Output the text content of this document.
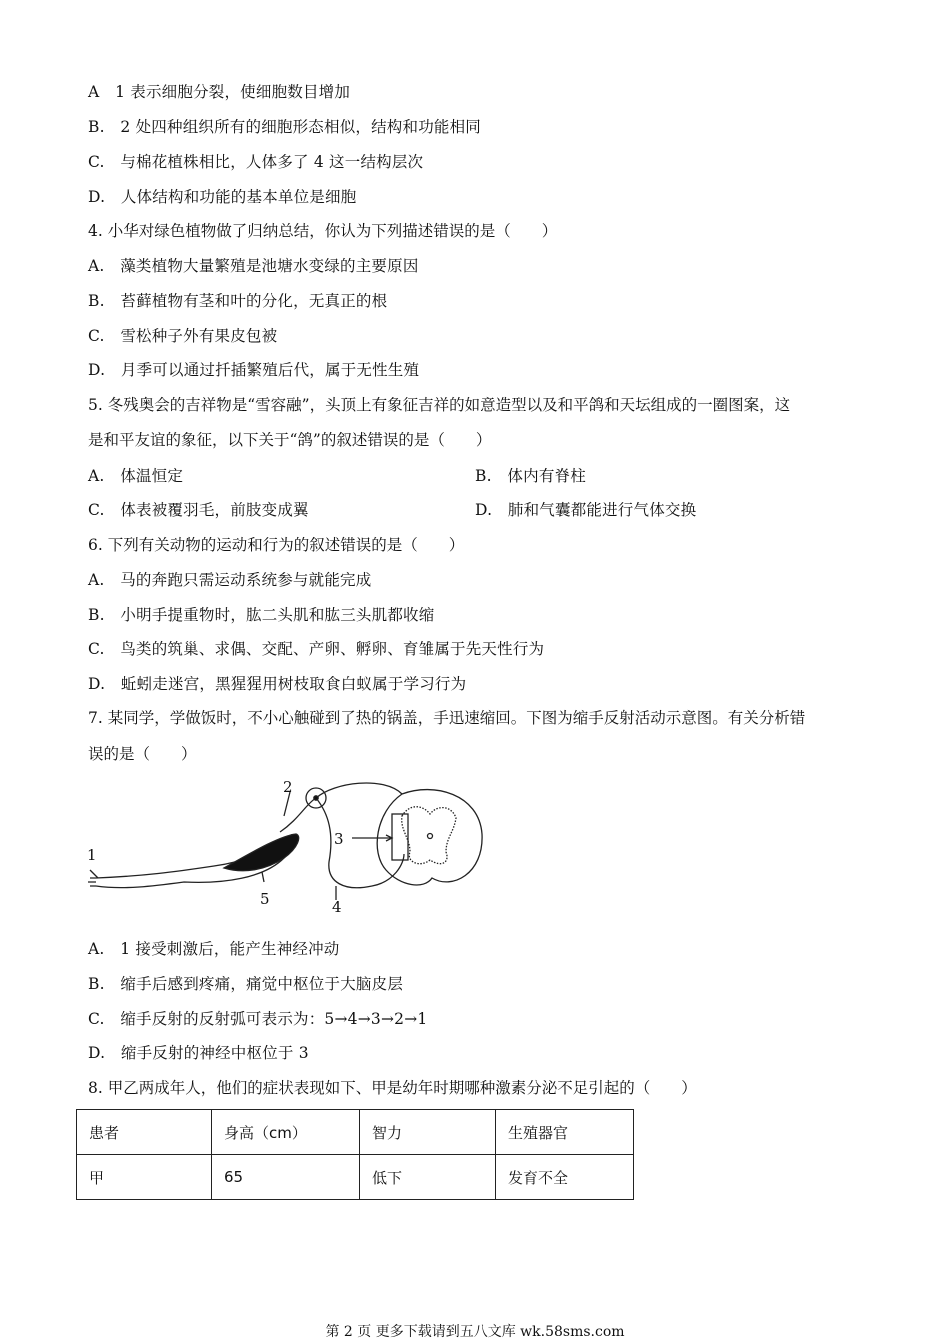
A　1 表示细胞分裂，使细胞数目增加
B.　2 处四种组织所有的细胞形态相似，结构和功能相同
C.　与棉花植株相比，人体多了 4 这一结构层次
D.　人体结构和功能的基本单位是细胞
4. 小华对绿色植物做了归纳总结，你认为下列描述错误的是（　　）
A.　藻类植物大量繁殖是池塘水变绿的主要原因
B.　苔藓植物有茎和叶的分化，无真正的根
C.　雪松种子外有果皮包被
D.　月季可以通过扦插繁殖后代，属于无性生殖
5. 冬残奥会的吉祥物是“雪容融”，头顶上有象征吉祥的如意造型以及和平鸽和天坛组成的一圈图案，这
是和平友谊的象征，以下关于“鸽”的叙述错误的是（　　）
A.　体温恒定	B.　体内有脊柱
C.　体表被覆羽毛，前肢变成翼	D.　肺和气囊都能进行气体交换
6. 下列有关动物的运动和行为的叙述错误的是（　　）
A.　马的奔跑只需运动系统参与就能完成
B.　小明手提重物时，肱二头肌和肱三头肌都收缩
C.　鸟类的筑巢、求偶、交配、产卵、孵卵、育雏属于先天性行为
D.　蚯蚓走迷宫，黑猩猩用树枝取食白蚁属于学习行为
7. 某同学，学做饭时，不小心触碰到了热的锅盖，手迅速缩回。下图为缩手反射活动示意图。有关分析错
误的是（　　）
1
2
3
4
5
A.　1 接受刺激后，能产生神经冲动
B.　缩手后感到疼痛，痛觉中枢位于大脑皮层
C.　缩手反射的反射弧可表示为：5→4→3→2→1
D.　缩手反射的神经中枢位于 3
8. 甲乙两成年人，他们的症状表现如下、甲是幼年时期哪种激素分泌不足引起的（　　）
患者	身高（cm）	智力	生殖器官
甲	65	低下	发育不全
第 2 页 更多下载请到五八文库 wk.58sms.com
